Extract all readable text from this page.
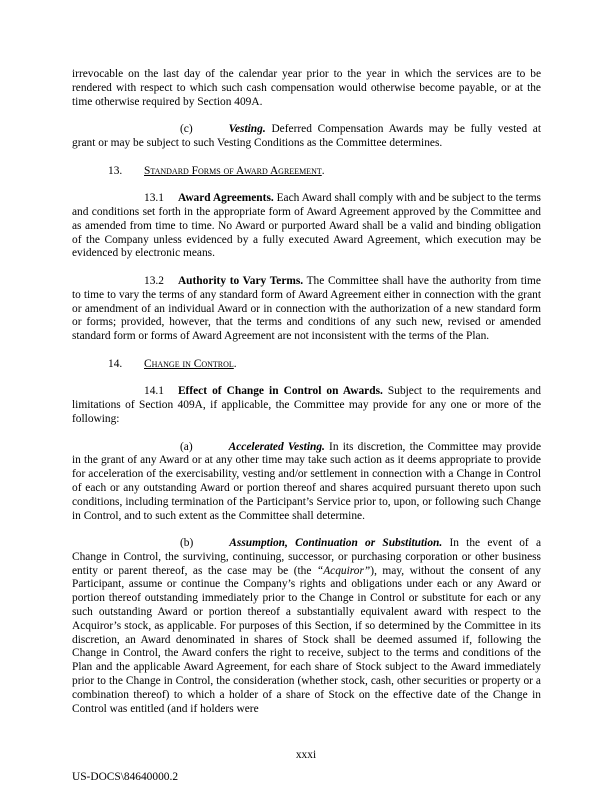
irrevocable on the last day of the calendar year prior to the year in which the services are to be rendered with respect to which such cash compensation would otherwise become payable, or at the time otherwise required by Section 409A.

(c)	Vesting. Deferred Compensation Awards may be fully vested at grant or may be subject to such Vesting Conditions as the Committee determines.

13. Standard Forms of Award Agreement.

13.1 Award Agreements. Each Award shall comply with and be subject to the terms and conditions set forth in the appropriate form of Award Agreement approved by the Committee and as amended from time to time. No Award or purported Award shall be a valid and binding obligation of the Company unless evidenced by a fully executed Award Agreement, which execution may be evidenced by electronic means.

13.2 Authority to Vary Terms. The Committee shall have the authority from time to time to vary the terms of any standard form of Award Agreement either in connection with the grant or amendment of an individual Award or in connection with the authorization of a new standard form or forms; provided, however, that the terms and conditions of any such new, revised or amended standard form or forms of Award Agreement are not inconsistent with the terms of the Plan.

14. Change in Control.

14.1 Effect of Change in Control on Awards. Subject to the requirements and limitations of Section 409A, if applicable, the Committee may provide for any one or more of the following:

(a)	Accelerated Vesting. In its discretion, the Committee may provide in the grant of any Award or at any other time may take such action as it deems appropriate to provide for acceleration of the exercisability, vesting and/or settlement in connection with a Change in Control of each or any outstanding Award or portion thereof and shares acquired pursuant thereto upon such conditions, including termination of the Participant’s Service prior to, upon, or following such Change in Control, and to such extent as the Committee shall determine.

(b)	Assumption, Continuation or Substitution. In the event of a Change in Control, the surviving, continuing, successor, or purchasing corporation or other business entity or parent thereof, as the case may be (the “Acquiror”), may, without the consent of any Participant, assume or continue the Company’s rights and obligations under each or any Award or portion thereof outstanding immediately prior to the Change in Control or substitute for each or any such outstanding Award or portion thereof a substantially equivalent award with respect to the Acquiror’s stock, as applicable. For purposes of this Section, if so determined by the Committee in its discretion, an Award denominated in shares of Stock shall be deemed assumed if, following the Change in Control, the Award confers the right to receive, subject to the terms and conditions of the Plan and the applicable Award Agreement, for each share of Stock subject to the Award immediately prior to the Change in Control, the consideration (whether stock, cash, other securities or property or a combination thereof) to which a holder of a share of Stock on the effective date of the Change in Control was entitled (and if holders were

xxxi
US-DOCS\84640000.2
